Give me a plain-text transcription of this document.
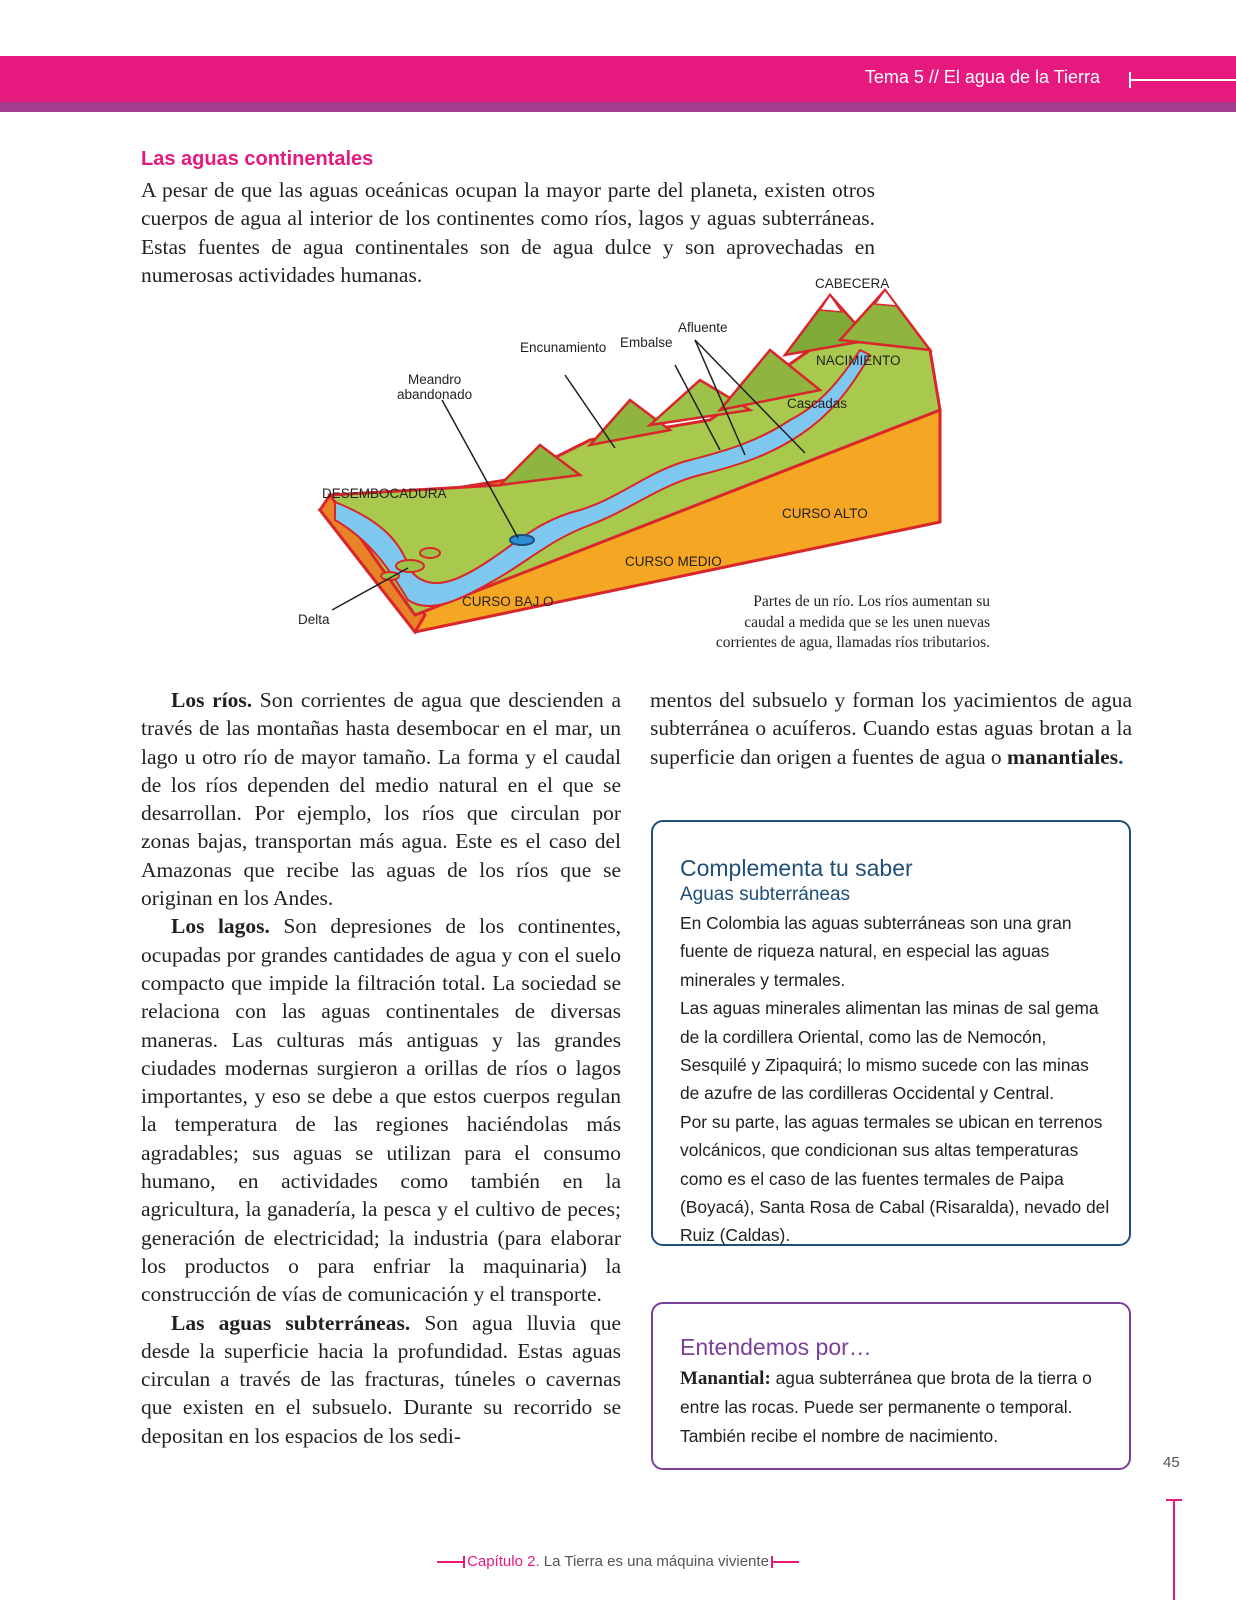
Tema 5 // El agua de la Tierra
Las aguas continentales
A pesar de que las aguas oceánicas ocupan la mayor parte del planeta, existen otros cuerpos de agua al interior de los continentes como ríos, lagos y aguas subterráneas. Estas fuentes de agua continentales son de agua dulce y son aprovechadas en numerosas actividades humanas.	CABECERA
Afluente
Embalse
Encunamiento
NACIMIENTO
Meandro
abandonado
Cascadas
DESEMBOCADURA
CURSO ALTO
CURSO MEDIO
CURSO BAJ O
Delta
Partes de un río. Los ríos aumentan su
caudal a medida que se les unen nuevas
corrientes de agua, llamadas ríos tributarios.

Los ríos. Son corrientes de agua que descienden a través de las montañas hasta desembocar en el mar, un lago u otro río de mayor tamaño. La forma y el caudal de los ríos dependen del medio natural en el que se desarrollan. Por ejemplo, los ríos que circulan por zonas bajas, transportan más agua. Este es el caso del Amazonas que recibe las aguas de los ríos que se originan en los Andes.

Los lagos. Son depresiones de los continentes, ocupadas por grandes cantidades de agua y con el suelo compacto que impide la filtración total. La sociedad se relaciona con las aguas continentales de diversas maneras. Las culturas más antiguas y las grandes ciudades modernas surgieron a orillas de ríos o lagos importantes, y eso se debe a que estos cuerpos regulan la temperatura de las regiones haciéndolas más agradables; sus aguas se utilizan para el consumo humano, en actividades como también en la agricultura, la ganadería, la pesca y el cultivo de peces; generación de electricidad; la industria (para elaborar los productos o para enfriar la maquinaria) la construcción de vías de comunicación y el transporte.

Las aguas subterráneas. Son agua lluvia que desde la superficie hacia la profundidad. Estas aguas circulan a través de las fracturas, túneles o cavernas que existen en el subsuelo. Durante su recorrido se depositan en los espacios de los sedi-

mentos del subsuelo y forman los yacimientos de agua subterránea o acuíferos. Cuando estas aguas brotan a la superficie dan origen a fuentes de agua o manantiales.
Complementa tu saber
Aguas subterráneas
En Colombia las aguas subterráneas son una gran fuente de riqueza natural, en especial las aguas minerales y termales.
Las aguas minerales alimentan las minas de sal gema de la cordillera Oriental, como las de Nemocón, Sesquilé y Zipaquirá; lo mismo sucede con las minas de azufre de las cordilleras Occidental y Central.
Por su parte, las aguas termales se ubican en terrenos volcánicos, que condicionan sus altas temperaturas como es el caso de las fuentes termales de Paipa (Boyacá), Santa Rosa de Cabal (Risaralda), nevado del Ruiz (Caldas).
Entendemos por…
Manantial: agua subterránea que brota de la tierra o entre las rocas. Puede ser permanente o temporal. También recibe el nombre de nacimiento.
45
Capítulo 2. La Tierra es una máquina viviente
